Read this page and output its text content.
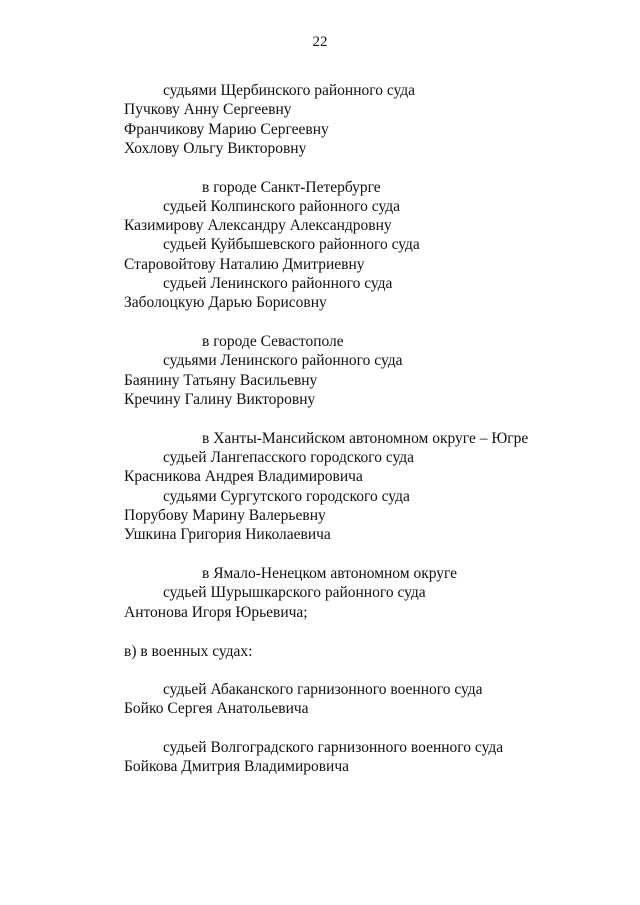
22
судьями Щербинского районного суда
Пучкову Анну Сергеевну
Франчикову Марию Сергеевну
Хохлову Ольгу Викторовну
в городе Санкт-Петербурге
судьей Колпинского районного суда
Казимирову Александру Александровну
судьей Куйбышевского районного суда
Старовойтову Наталию Дмитриевну
судьей Ленинского районного суда
Заболоцкую Дарью Борисовну
в городе Севастополе
судьями Ленинского районного суда
Баянину Татьяну Васильевну
Кречину Галину Викторовну
в Ханты-Мансийском автономном округе – Югре
судьей Лангепасского городского суда
Красникова Андрея Владимировича
судьями Сургутского городского суда
Порубову Марину Валерьевну
Ушкина Григория Николаевича
в Ямало-Ненецком автономном округе
судьей Шурышкарского районного суда
Антонова Игоря Юрьевича;
в) в военных судах:
судьей Абаканского гарнизонного военного суда
Бойко Сергея Анатольевича
судьей Волгоградского гарнизонного военного суда
Бойкова Дмитрия Владимировича
